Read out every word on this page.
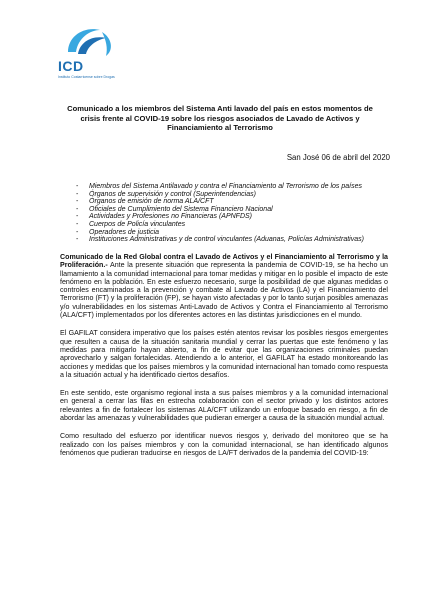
ICD
Instituto Costarricense sobre Drogas
Comunicado a los miembros del Sistema Anti lavado del país en estos momentos de crisis frente al COVID-19 sobre los riesgos asociados de Lavado de Activos y Financiamiento al Terrorismo
San José 06 de abril del 2020
- Miembros del Sistema Antilavado y contra el Financiamiento al Terrorismo de los países
- Órganos de supervisión y control (Superintendencias)
- Órganos de emisión de norma ALA/CFT
- Oficiales de Cumplimiento del Sistema Financiero Nacional
- Actividades y Profesiones no Financieras (APNFDS)
- Cuerpos de Policía vinculantes
- Operadores de justicia
- Instituciones Administrativas y de control vinculantes (Aduanas, Policías Administrativas)

Comunicado de la Red Global contra el Lavado de Activos y el Financiamiento al Terrorismo y la Proliferación.- Ante la presente situación que representa la pandemia de COVID-19, se ha hecho un llamamiento a la comunidad internacional para tomar medidas y mitigar en lo posible el impacto de este fenómeno en la población. En este esfuerzo necesario, surge la posibilidad de que algunas medidas o controles encaminados a la prevención y combate al Lavado de Activos (LA) y el Financiamiento del Terrorismo (FT) y la proliferación (FP), se hayan visto afectadas y por lo tanto surjan posibles amenazas y/o vulnerabilidades en los sistemas Anti-Lavado de Activos y Contra el Financiamiento al Terrorismo (ALA/CFT) implementados por los diferentes actores en las distintas jurisdicciones en el mundo.

El GAFILAT considera imperativo que los países estén atentos revisar los posibles riesgos emergentes que resulten a causa de la situación sanitaria mundial y cerrar las puertas que este fenómeno y las medidas para mitigarlo hayan abierto, a fin de evitar que las organizaciones criminales puedan aprovecharlo y salgan fortalecidas. Atendiendo a lo anterior, el GAFILAT ha estado monitoreando las acciones y medidas que los países miembros y la comunidad internacional han tomado como respuesta a la situación actual y ha identificado ciertos desafíos.

En este sentido, este organismo regional insta a sus países miembros y a la comunidad internacional en general a cerrar las filas en estrecha colaboración con el sector privado y los distintos actores relevantes a fin de fortalecer los sistemas ALA/CFT utilizando un enfoque basado en riesgo, a fin de abordar las amenazas y vulnerabilidades que pudieran emerger a causa de la situación mundial actual.

Como resultado del esfuerzo por identificar nuevos riesgos y, derivado del monitoreo que se ha realizado con los países miembros y con la comunidad internacional, se han identificado algunos fenómenos que pudieran traducirse en riesgos de LA/FT derivados de la pandemia del COVID-19:
